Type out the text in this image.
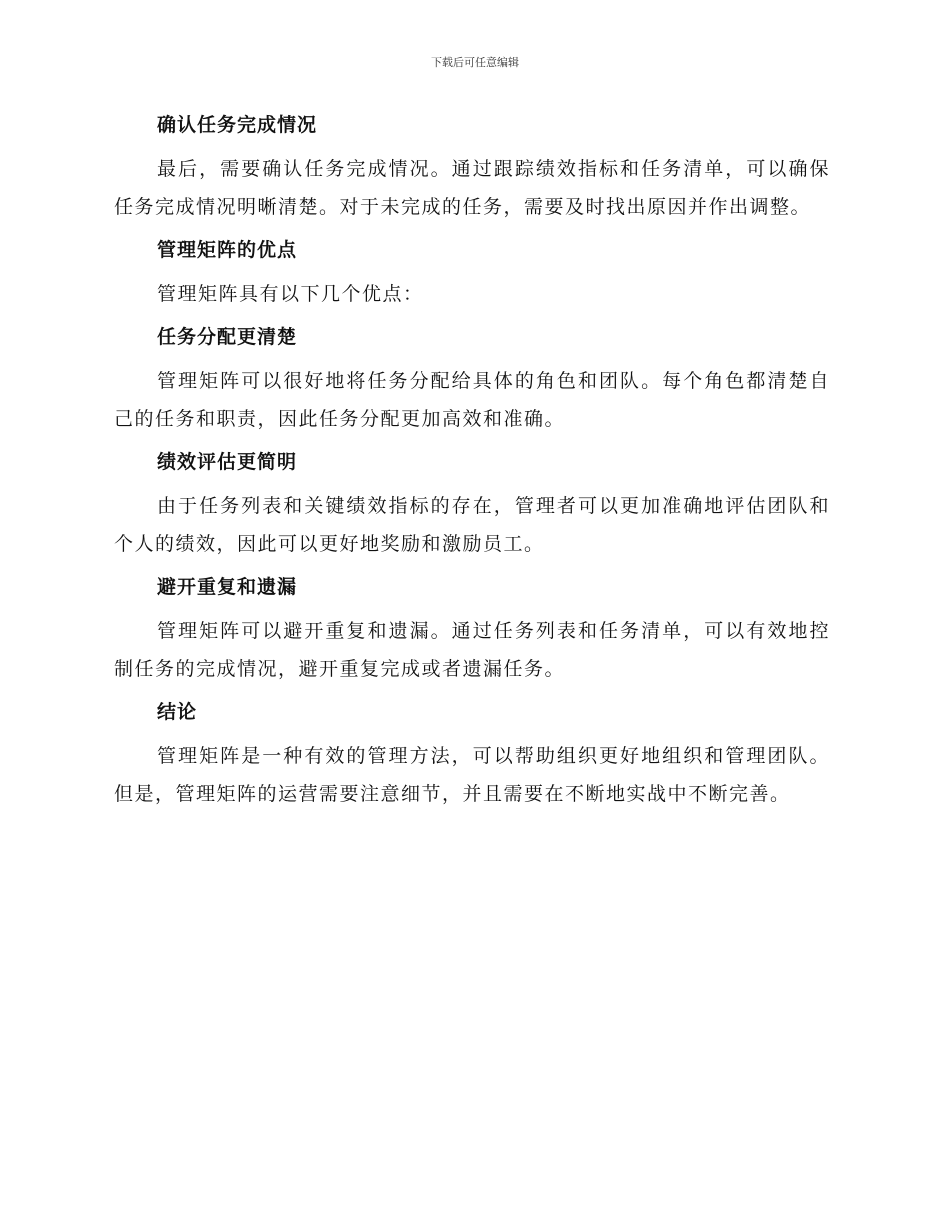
下载后可任意编辑
确认任务完成情况

最后，需要确认任务完成情况。通过跟踪绩效指标和任务清单，可以确保任务完成情况明晰清楚。对于未完成的任务，需要及时找出原因并作出调整。

管理矩阵的优点

管理矩阵具有以下几个优点：

任务分配更清楚

管理矩阵可以很好地将任务分配给具体的角色和团队。每个角色都清楚自己的任务和职责，因此任务分配更加高效和准确。

绩效评估更简明

由于任务列表和关键绩效指标的存在，管理者可以更加准确地评估团队和个人的绩效，因此可以更好地奖励和激励员工。

避开重复和遗漏

管理矩阵可以避开重复和遗漏。通过任务列表和任务清单，可以有效地控制任务的完成情况，避开重复完成或者遗漏任务。

结论

管理矩阵是一种有效的管理方法，可以帮助组织更好地组织和管理团队。但是，管理矩阵的运营需要注意细节，并且需要在不断地实战中不断完善。
